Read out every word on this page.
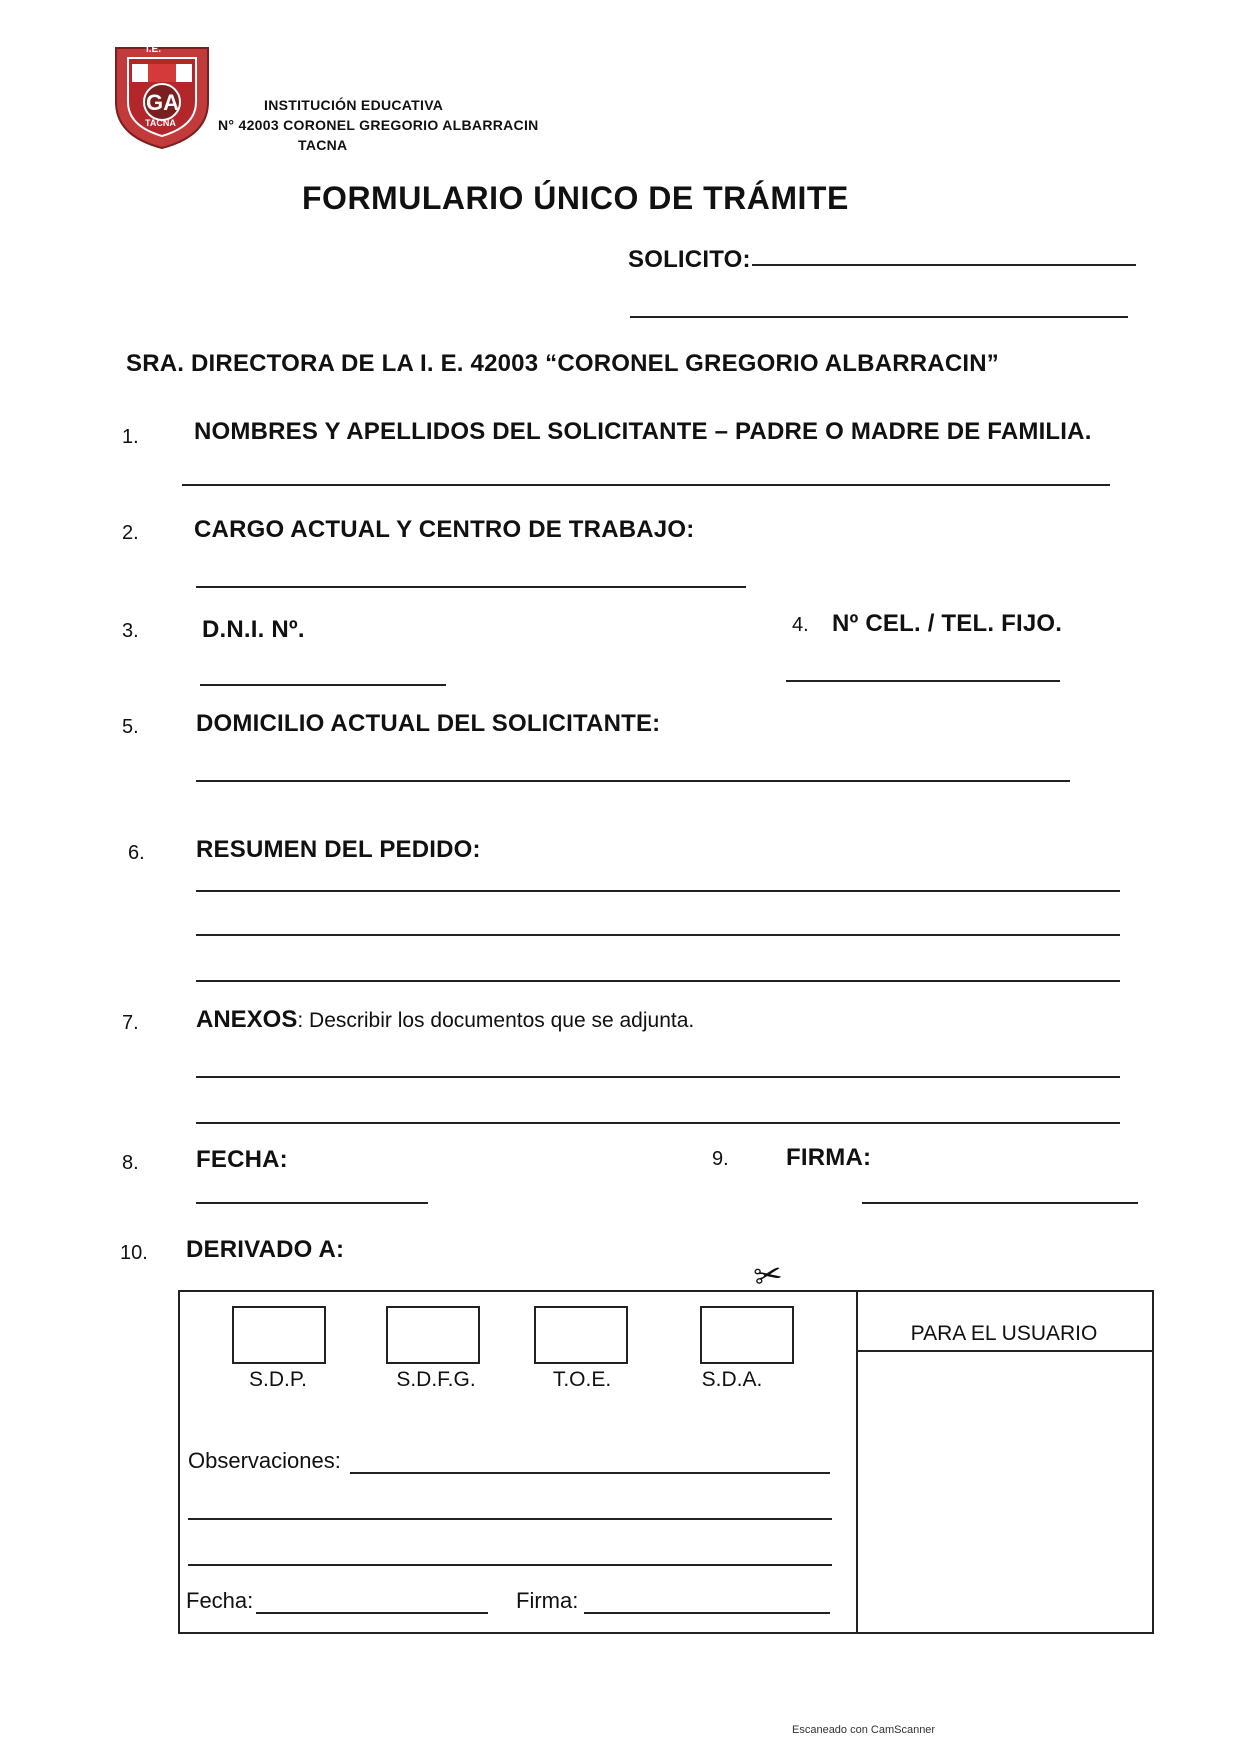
I.E.
GA
TACNA
INSTITUCIÓN EDUCATIVA
N° 42003 CORONEL GREGORIO ALBARRACIN
TACNA
FORMULARIO ÚNICO DE TRÁMITE
SOLICITO:
SRA. DIRECTORA DE LA I. E. 42003 “CORONEL GREGORIO ALBARRACIN”
1. NOMBRES Y APELLIDOS DEL SOLICITANTE – PADRE O MADRE DE FAMILIA.
2. CARGO ACTUAL Y CENTRO DE TRABAJO:
3.	D.N.I. Nº.	4. Nº CEL. / TEL. FIJO.
5. DOMICILIO ACTUAL DEL SOLICITANTE:
6. RESUMEN DEL PEDIDO:
7. ANEXOS: Describir los documentos que se adjunta.
8. FECHA:	9. FIRMA:
10. DERIVADO A:
✂
PARA EL USUARIO
S.D.P.	S.D.F.G.	T.O.E.	S.D.A.
Observaciones:
Fecha:	Firma:
Escaneado con CamScanner
